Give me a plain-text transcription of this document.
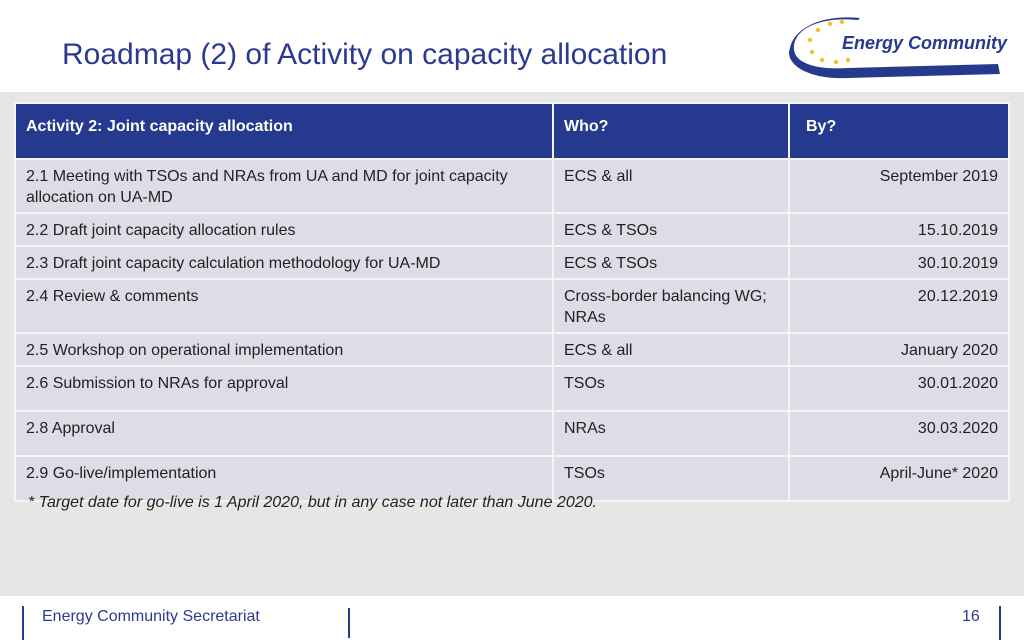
Roadmap (2) of Activity on capacity allocation	Energy Community
Activity 2: Joint capacity allocation	Who?	By?
2.1 Meeting with TSOs and NRAs from UA and MD for joint capacity allocation on UA-MD	ECS & all	September 2019
2.2 Draft joint capacity allocation rules	ECS & TSOs	15.10.2019
2.3 Draft joint capacity calculation methodology for UA-MD	ECS & TSOs	30.10.2019
2.4 Review & comments	Cross-border balancing WG; NRAs	20.12.2019
2.5 Workshop on operational implementation	ECS & all	January 2020
2.6 Submission to NRAs for approval	TSOs	30.01.2020
2.8 Approval	NRAs	30.03.2020
2.9 Go-live/implementation	TSOs	April-June* 2020
* Target date for go-live is 1 April 2020, but in any case not later than June 2020.
Energy Community Secretariat	16
